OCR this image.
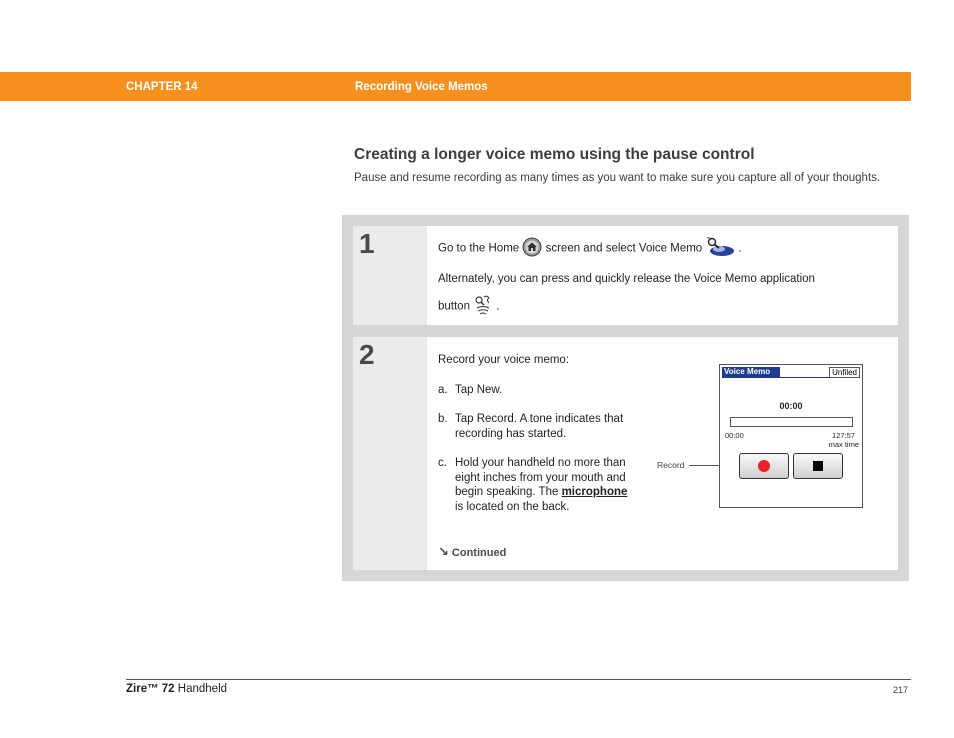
CHAPTER 14	Recording Voice Memos
Creating a longer voice memo using the pause control
Pause and resume recording as many times as you want to make sure you capture all of your thoughts.
1	Go to the Home screen and select Voice Memo	.
Alternately, you can press and quickly release the Voice Memo application
button .
2	Record your voice memo:
a. Tap New.
b. Tap Record. A tone indicates that recording has started.
c. Hold your handheld no more than eight inches from your mouth and begin speaking. The microphone is located on the back.
↘ Continued
Record
Voice Memo	Unfiled
00:00
00:00	127:57
max time
Zire™ 72 Handheld	217
